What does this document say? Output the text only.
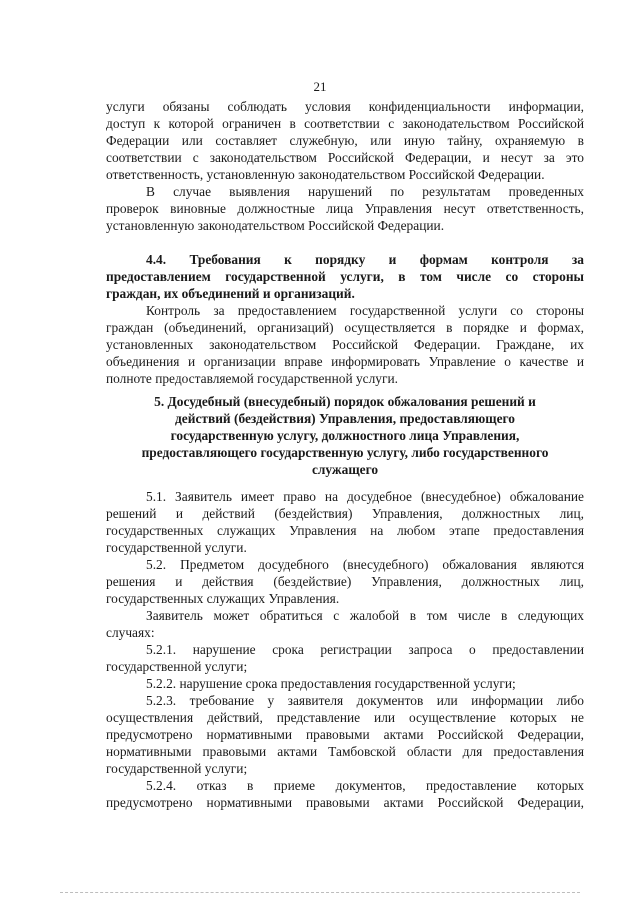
21
услуги обязаны соблюдать условия конфиденциальности информации,
доступ к которой ограничен в соответствии с законодательством Российской
Федерации или составляет служебную, или иную тайну, охраняемую в
соответствии с законодательством Российской Федерации, и несут за это
ответственность, установленную законодательством Российской Федерации.
В случае выявления нарушений по результатам проведенных
проверок виновные должностные лица Управления несут ответственность,
установленную законодательством Российской Федерации.
4.4. Требования к порядку и формам контроля за
предоставлением государственной услуги, в том числе со стороны
граждан, их объединений и организаций.
Контроль за предоставлением государственной услуги со стороны
граждан (объединений, организаций) осуществляется в порядке и формах,
установленных законодательством Российской Федерации. Граждане, их
объединения и организации вправе информировать Управление о качестве и
полноте предоставляемой государственной услуги.
5. Досудебный (внесудебный) порядок обжалования решений и
действий (бездействия) Управления, предоставляющего
государственную услугу, должностного лица Управления,
предоставляющего государственную услугу, либо государственного
служащего
5.1. Заявитель имеет право на досудебное (внесудебное) обжалование
решений и действий (бездействия) Управления, должностных лиц,
государственных служащих Управления на любом этапе предоставления
государственной услуги.
5.2. Предметом досудебного (внесудебного) обжалования являются
решения и действия (бездействие) Управления, должностных лиц,
государственных служащих Управления.
Заявитель может обратиться с жалобой в том числе в следующих
случаях:
5.2.1. нарушение срока регистрации запроса о предоставлении
государственной услуги;
5.2.2. нарушение срока предоставления государственной услуги;
5.2.3. требование у заявителя документов или информации либо
осуществления действий, представление или осуществление которых не
предусмотрено нормативными правовыми актами Российской Федерации,
нормативными правовыми актами Тамбовской области для предоставления
государственной услуги;
5.2.4. отказ в приеме документов, предоставление которых
предусмотрено нормативными правовыми актами Российской Федерации,
